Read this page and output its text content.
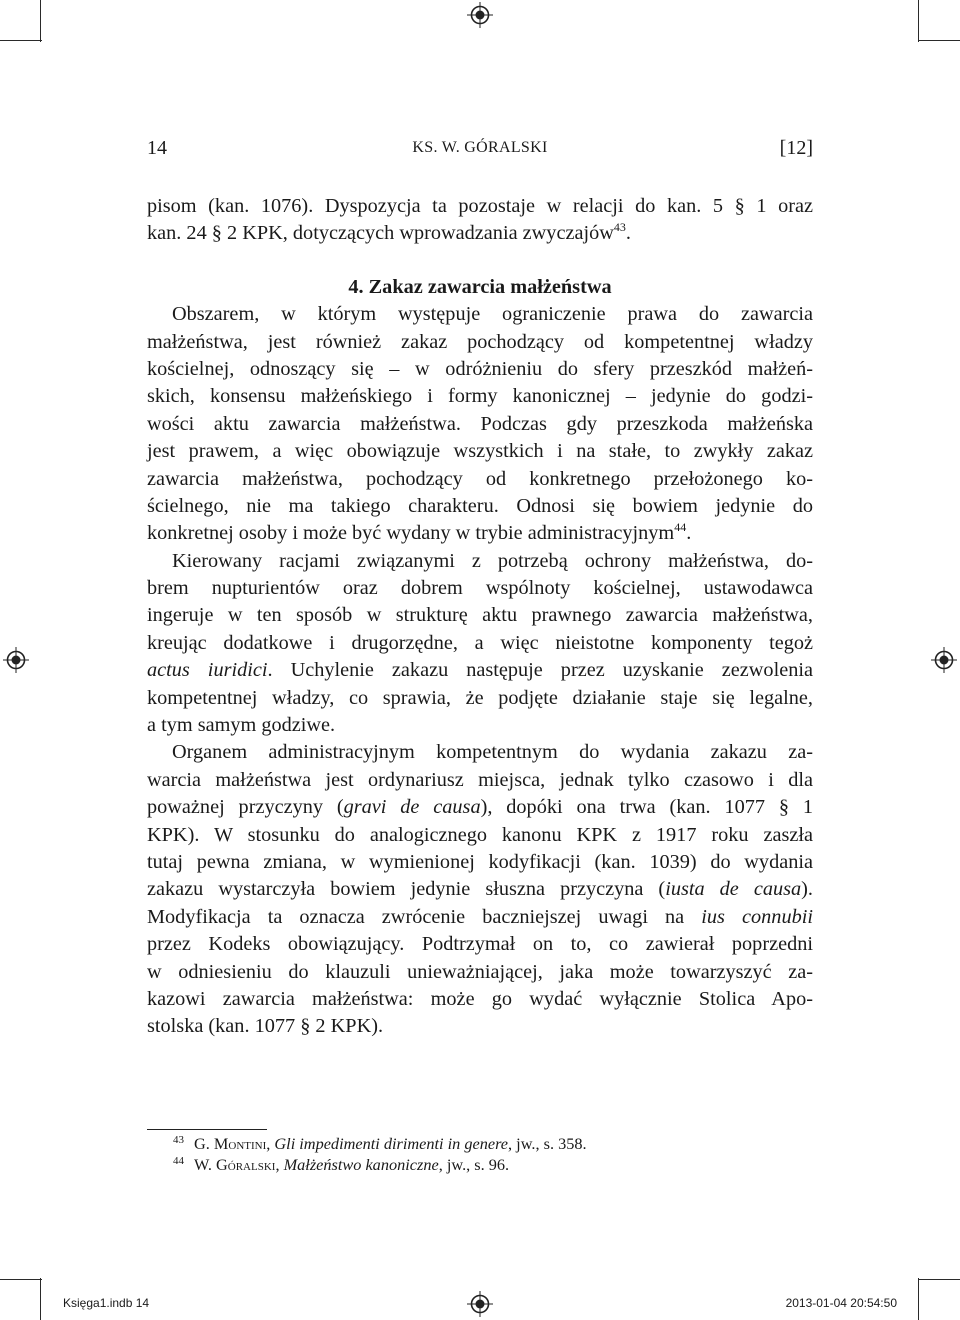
14	KS. W. GÓRALSKI	[12]
pisom (kan. 1076). Dyspozycja ta pozostaje w relacji do kan. 5 § 1 oraz
kan. 24 § 2 KPK, dotyczących wprowadzania zwyczajów$^{43}$.
4. Zakaz zawarcia małżeństwa
Obszarem, w którym występuje ograniczenie prawa do zawarcia
małżeństwa, jest również zakaz pochodzący od kompetentnej władzy
kościelnej, odnoszący się – w odróżnieniu do sfery przeszkód małżeń-
skich, konsensu małżeńskiego i formy kanonicznej – jedynie do godzi-
wości aktu zawarcia małżeństwa. Podczas gdy przeszkoda małżeńska
jest prawem, a więc obowiązuje wszystkich i na stałe, to zwykły zakaz
zawarcia małżeństwa, pochodzący od konkretnego przełożonego ko-
ścielnego, nie ma takiego charakteru. Odnosi się bowiem jedynie do
konkretnej osoby i może być wydany w trybie administracyjnym$^{44}$.
Kierowany racjami związanymi z potrzebą ochrony małżeństwa, do-
brem nupturientów oraz dobrem wspólnoty kościelnej, ustawodawca
ingeruje w ten sposób w strukturę aktu prawnego zawarcia małżeństwa,
kreując dodatkowe i drugorzędne, a więc nieistotne komponenty tegoż
actus iuridici. Uchylenie zakazu następuje przez uzyskanie zezwolenia
kompetentnej władzy, co sprawia, że podjęte działanie staje się legalne,
a tym samym godziwe.
Organem administracyjnym kompetentnym do wydania zakazu za-
warcia małżeństwa jest ordynariusz miejsca, jednak tylko czasowo i dla
poważnej przyczyny (gravi de causa), dopóki ona trwa (kan. 1077 § 1
KPK). W stosunku do analogicznego kanonu KPK z 1917 roku zaszła
tutaj pewna zmiana, w wymienionej kodyfikacji (kan. 1039) do wydania
zakazu wystarczyła bowiem jedynie słuszna przyczyna (iusta de causa).
Modyfikacja ta oznacza zwrócenie baczniejszej uwagi na ius connubii
przez Kodeks obowiązujący. Podtrzymał on to, co zawierał poprzedni
w odniesieniu do klauzuli unieważniającej, jaka może towarzyszyć za-
kazowi zawarcia małżeństwa: może go wydać wyłącznie Stolica Apo-
stolska (kan. 1077 § 2 KPK).
$^{43}$ G. Montini, Gli impedimenti dirimenti in genere, jw., s. 358.
$^{44}$ W. Góralski, Małżeństwo kanoniczne, jw., s. 96.
Księga1.indb 14	2013-01-04 20:54:50
